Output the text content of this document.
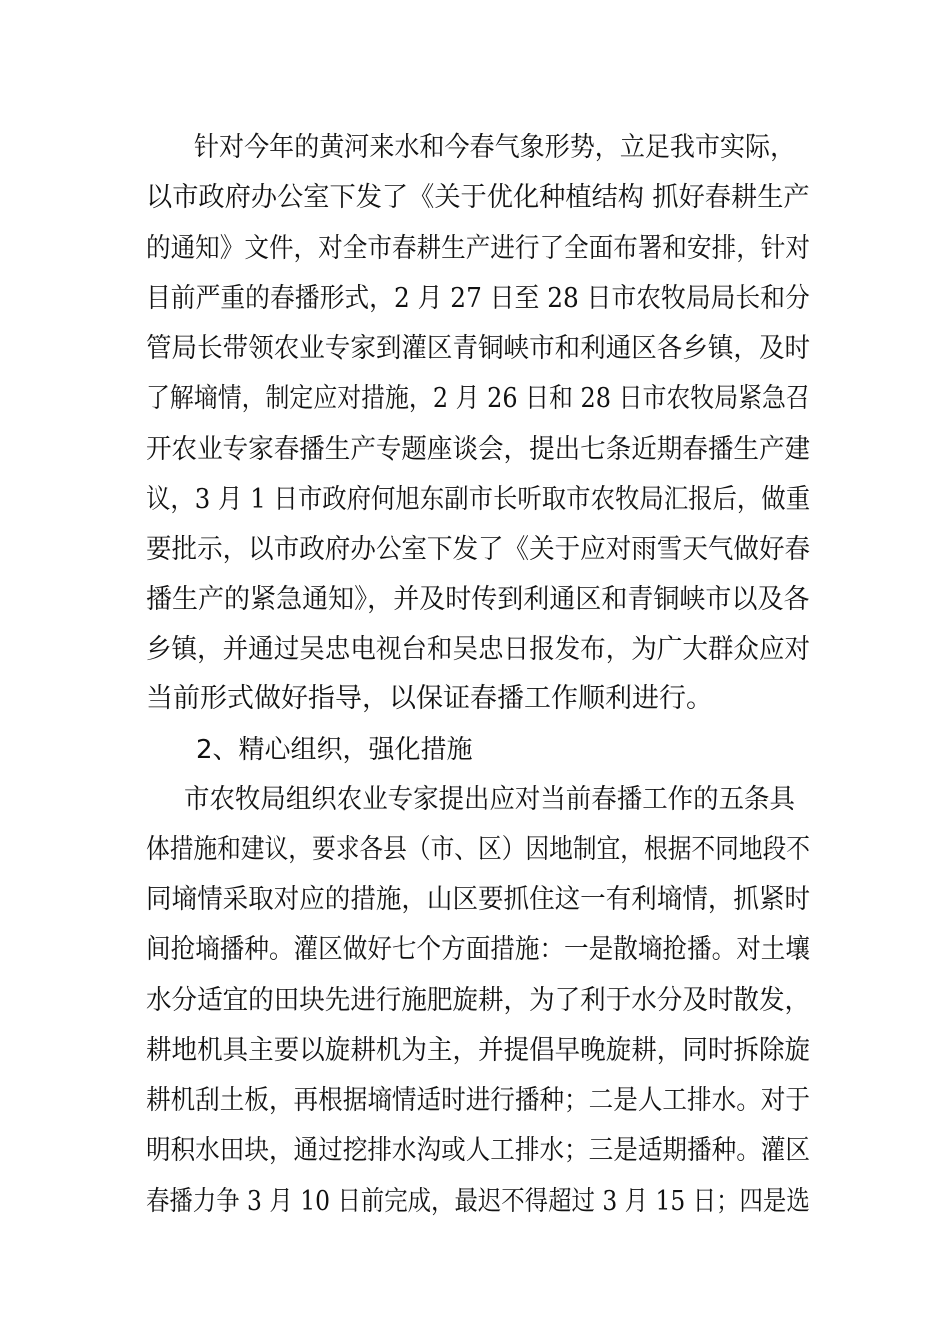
针对今年的黄河来水和今春气象形势，立足我市实际，
以市政府办公室下发了《关于优化种植结构 抓好春耕生产
的通知》文件，对全市春耕生产进行了全面布署和安排，针对
目前严重的春播形式，2 月 27 日至 28 日市农牧局局长和分
管局长带领农业专家到灌区青铜峡市和利通区各乡镇，及时
了解墒情，制定应对措施，2 月 26 日和 28 日市农牧局紧急召
开农业专家春播生产专题座谈会，提出七条近期春播生产建
议，3 月 1 日市政府何旭东副市长听取市农牧局汇报后，做重
要批示，以市政府办公室下发了《关于应对雨雪天气做好春
播生产的紧急通知》，并及时传到利通区和青铜峡市以及各
乡镇，并通过吴忠电视台和吴忠日报发布，为广大群众应对
当前形式做好指导，以保证春播工作顺利进行。
2、精心组织，强化措施
市农牧局组织农业专家提出应对当前春播工作的五条具
体措施和建议，要求各县（市、区）因地制宜，根据不同地段不
同墒情采取对应的措施，山区要抓住这一有利墒情，抓紧时
间抢墒播种。灌区做好七个方面措施：一是散墒抢播。对土壤
水分适宜的田块先进行施肥旋耕，为了利于水分及时散发，
耕地机具主要以旋耕机为主，并提倡早晚旋耕，同时拆除旋
耕机刮土板，再根据墒情适时进行播种；二是人工排水。对于
明积水田块，通过挖排水沟或人工排水；三是适期播种。灌区
春播力争 3 月 10 日前完成，最迟不得超过 3 月 15 日；四是选
